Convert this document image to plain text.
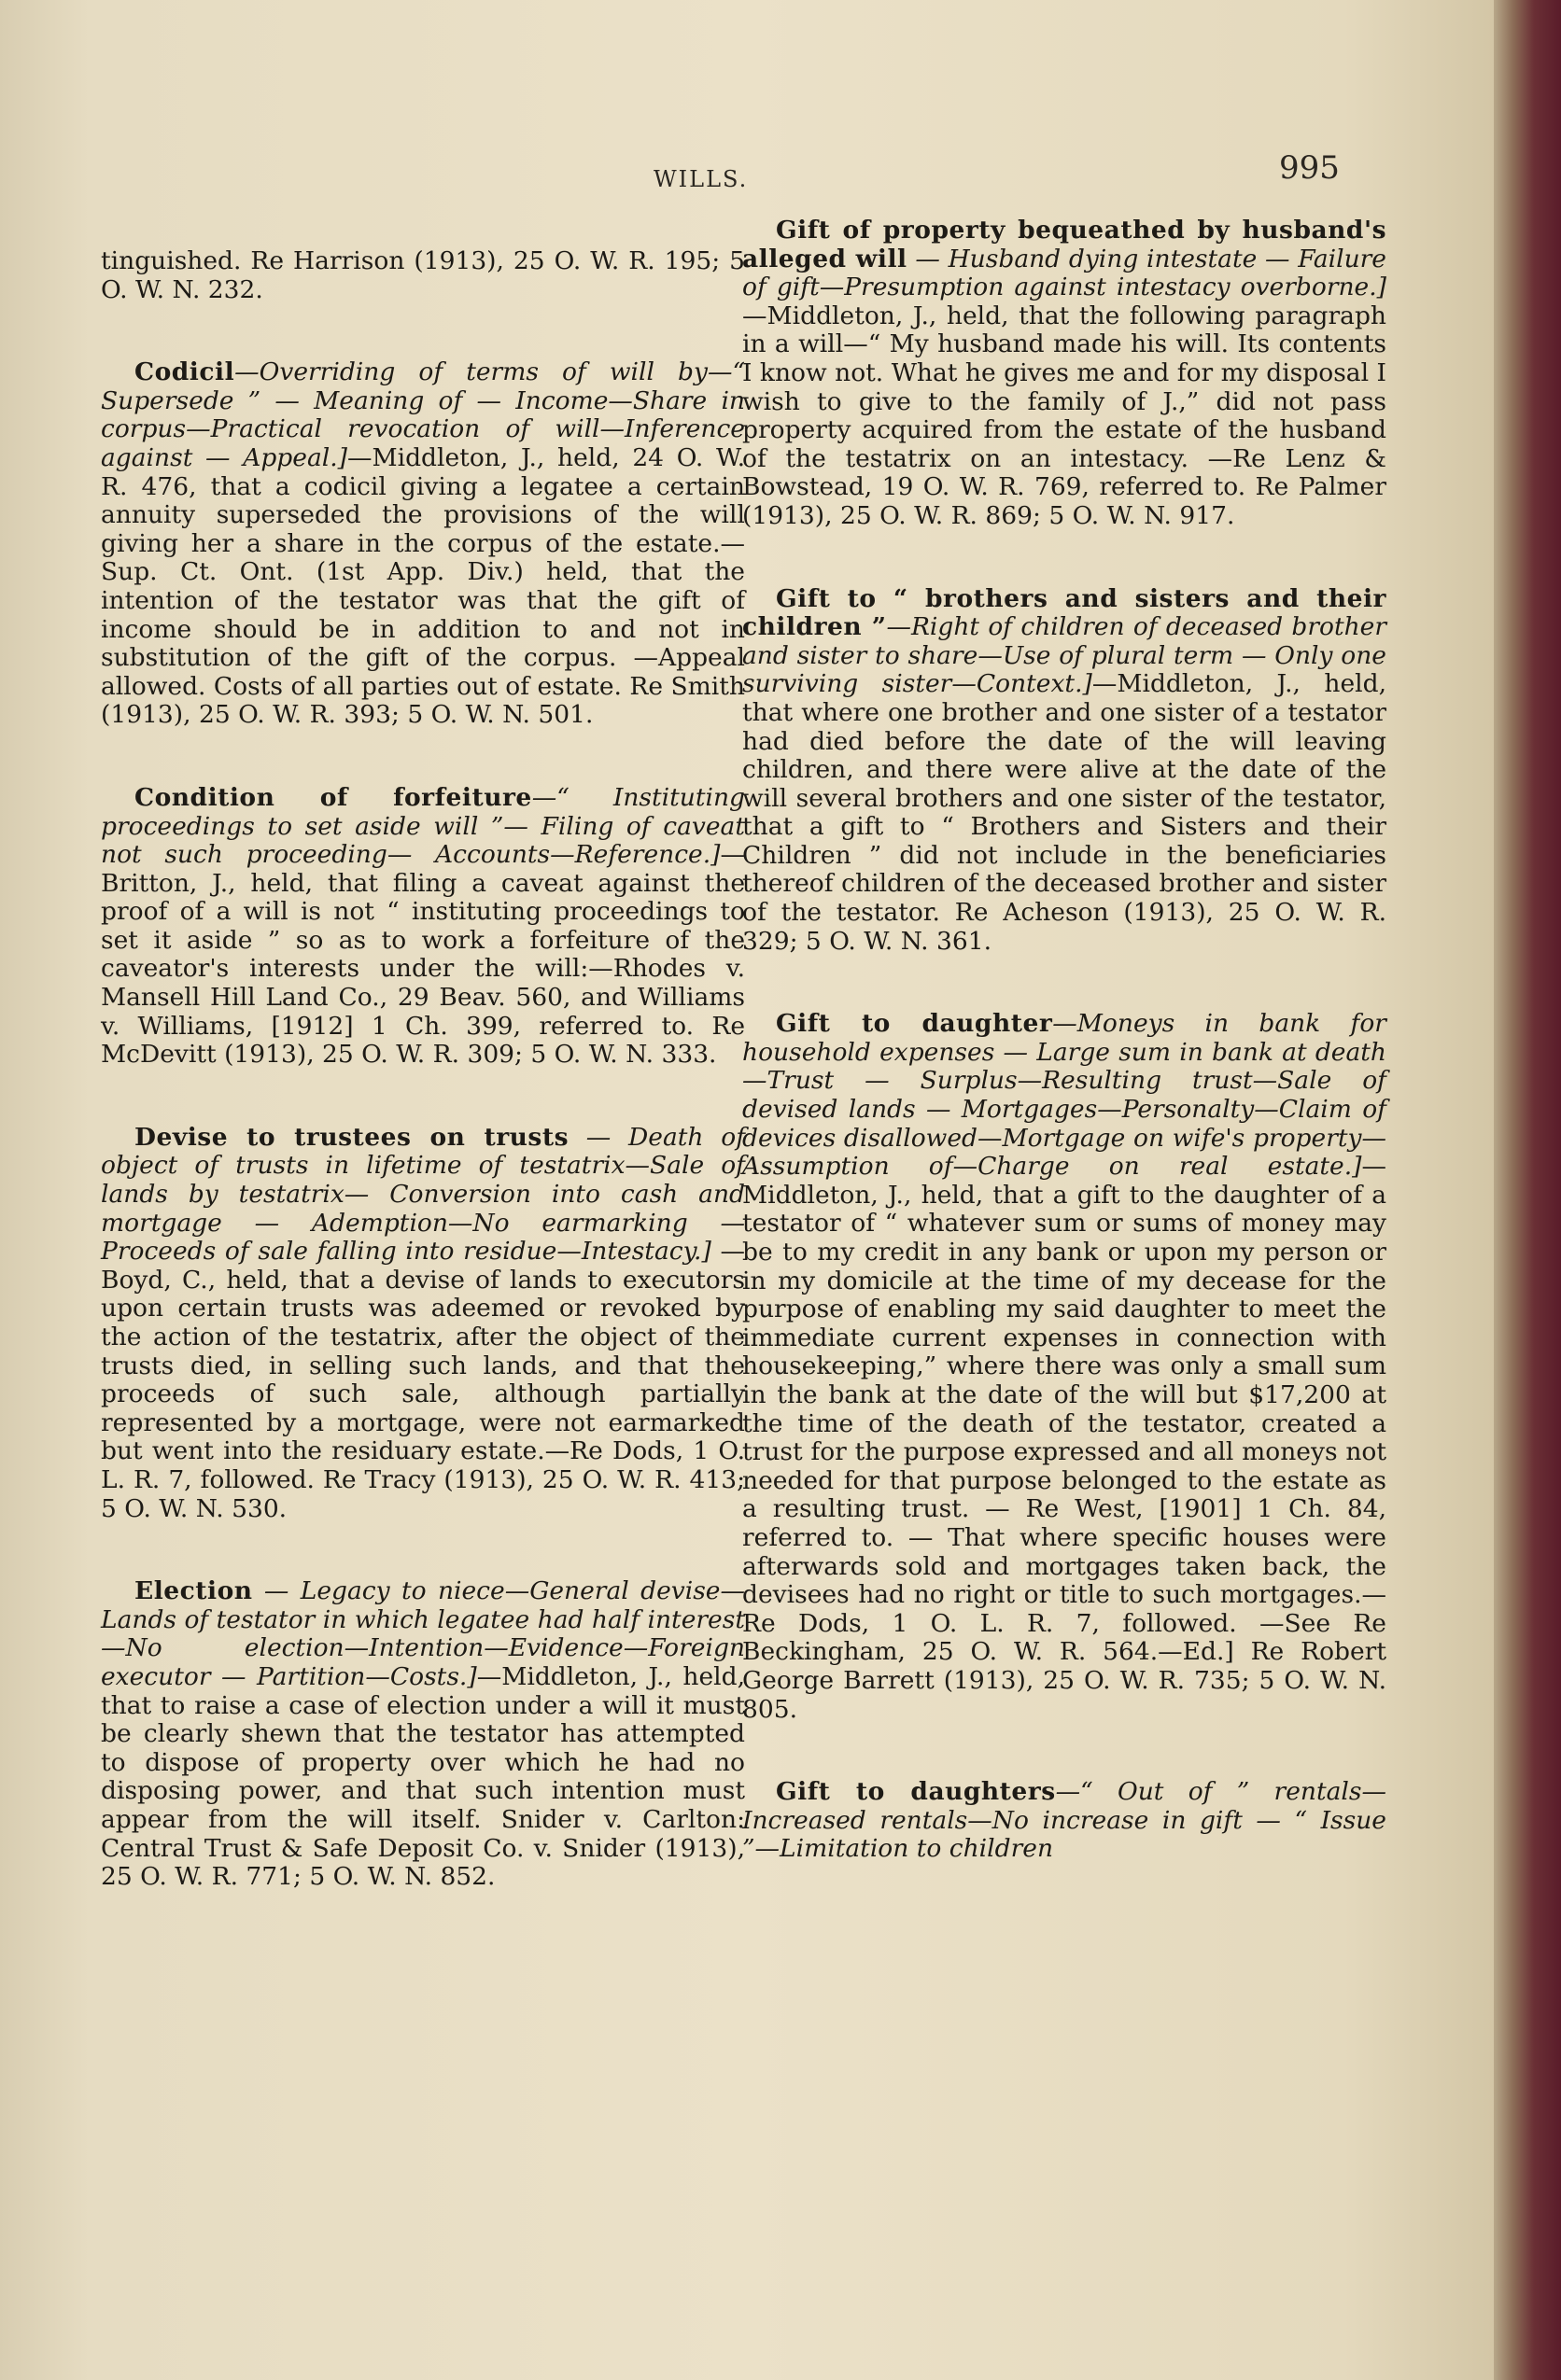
WILLS.	995

tinguished. Re Harrison (1913), 25 O. W. R. 195; 5 O. W. N. 232.

Codicil—Overriding of terms of will by—“ Supersede ” — Meaning of — Income—Share in corpus—Practical revocation of will—Inference against — Appeal.]—Middleton, J., held, 24 O. W. R. 476, that a codicil giving a legatee a certain annuity superseded the provisions of the will giving her a share in the corpus of the estate.—Sup. Ct. Ont. (1st App. Div.) held, that the intention of the testator was that the gift of income should be in addition to and not in substitution of the gift of the corpus. —Appeal allowed. Costs of all parties out of estate. Re Smith (1913), 25 O. W. R. 393; 5 O. W. N. 501.

Condition of forfeiture—“ Instituting proceedings to set aside will ”— Filing of caveat not such proceeding— Accounts—Reference.]—Britton, J., held, that filing a caveat against the proof of a will is not “ instituting proceedings to set it aside ” so as to work a forfeiture of the caveator's interests under the will:—Rhodes v. Mansell Hill Land Co., 29 Beav. 560, and Williams v. Williams, [1912] 1 Ch. 399, referred to. Re McDevitt (1913), 25 O. W. R. 309; 5 O. W. N. 333.

Devise to trustees on trusts — Death of object of trusts in lifetime of testatrix—Sale of lands by testatrix— Conversion into cash and mortgage — Ademption—No earmarking — Proceeds of sale falling into residue—Intestacy.] —Boyd, C., held, that a devise of lands to executors upon certain trusts was adeemed or revoked by the action of the testatrix, after the object of the trusts died, in selling such lands, and that the proceeds of such sale, although partially represented by a mortgage, were not earmarked but went into the residuary estate.—Re Dods, 1 O. L. R. 7, followed. Re Tracy (1913), 25 O. W. R. 413; 5 O. W. N. 530.

Election — Legacy to niece—General devise—Lands of testator in which legatee had half interest—No election—Intention—Evidence—Foreign executor — Partition—Costs.]—Middleton, J., held, that to raise a case of election under a will it must be clearly shewn that the testator has attempted to dispose of property over which he had no disposing power, and that such intention must appear from the will itself. Snider v. Carlton: Central Trust & Safe Deposit Co. v. Snider (1913), 25 O. W. R. 771; 5 O. W. N. 852.

Gift of property bequeathed by husband's alleged will — Husband dying intestate — Failure of gift—Presumption against intestacy overborne.]—Middleton, J., held, that the following paragraph in a will—“ My husband made his will. Its contents I know not. What he gives me and for my disposal I wish to give to the family of J.,” did not pass property acquired from the estate of the husband of the testatrix on an intestacy. —Re Lenz & Bowstead, 19 O. W. R. 769, referred to. Re Palmer (1913), 25 O. W. R. 869; 5 O. W. N. 917.

Gift to “ brothers and sisters and their children ”—Right of children of deceased brother and sister to share—Use of plural term — Only one surviving sister—Context.]—Middleton, J., held, that where one brother and one sister of a testator had died before the date of the will leaving children, and there were alive at the date of the will several brothers and one sister of the testator, that a gift to “ Brothers and Sisters and their Children ” did not include in the beneficiaries thereof children of the deceased brother and sister of the testator. Re Acheson (1913), 25 O. W. R. 329; 5 O. W. N. 361.

Gift to daughter—Moneys in bank for household expenses — Large sum in bank at death—Trust — Surplus—Resulting trust—Sale of devised lands — Mortgages—Personalty—Claim of devices disallowed—Mortgage on wife's property—Assumption of—Charge on real estate.]—Middleton, J., held, that a gift to the daughter of a testator of “ whatever sum or sums of money may be to my credit in any bank or upon my person or in my domicile at the time of my decease for the purpose of enabling my said daughter to meet the immediate current expenses in connection with housekeeping,” where there was only a small sum in the bank at the date of the will but $17,200 at the time of the death of the testator, created a trust for the purpose expressed and all moneys not needed for that purpose belonged to the estate as a resulting trust. — Re West, [1901] 1 Ch. 84, referred to. — That where specific houses were afterwards sold and mortgages taken back, the devisees had no right or title to such mortgages.—Re Dods, 1 O. L. R. 7, followed. —See Re Beckingham, 25 O. W. R. 564.—Ed.] Re Robert George Barrett (1913), 25 O. W. R. 735; 5 O. W. N. 805.

Gift to daughters—“ Out of ” rentals—Increased rentals—No increase in gift — “ Issue ”—Limitation to children
